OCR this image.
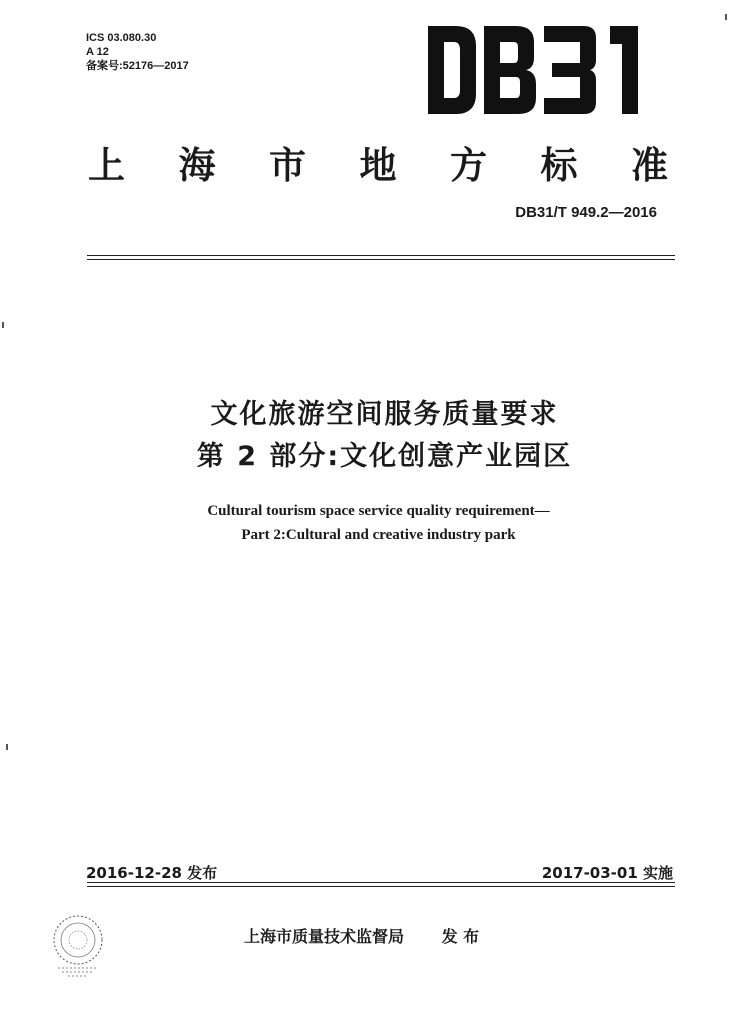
ICS 03.080.30
A 12
备案号:52176—2017
上 海 市 地 方 标 准
DB31/T 949.2—2016
文化旅游空间服务质量要求
第 2 部分:文化创意产业园区
Cultural tourism space service quality requirement—
Part 2:Cultural and creative industry park
2016-12-28 发布	2017-03-01 实施
上海市质量技术监督局 发 布
